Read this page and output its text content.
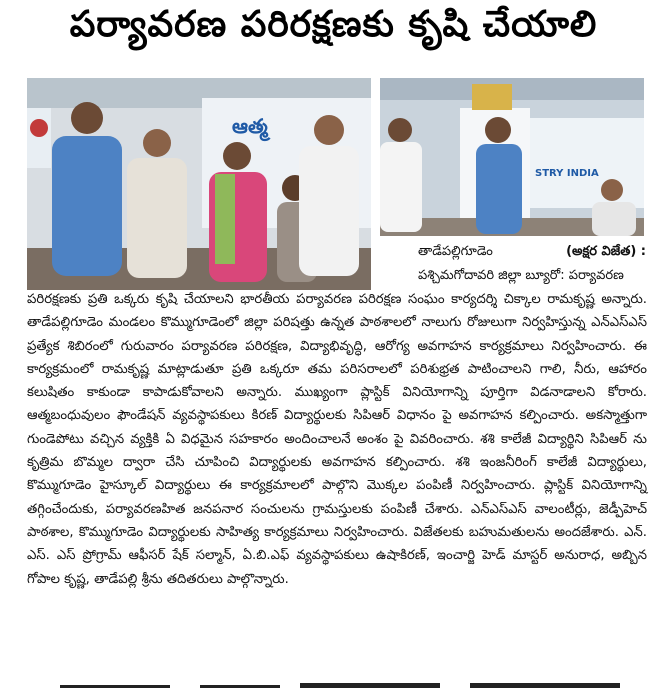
పర్యావరణ పరిరక్షణకు కృషి చేయాలి
ఆత్మ
STRY INDIA
తాడేపల్లిగూడెం	(అక్షర విజేత) :
పశ్చిమగోదావరి జిల్లా బ్యూరో: పర్యావరణ
పరిరక్షణకు ప్రతి ఒక్కరు కృషి చేయాలని భారతీయ పర్యావరణ పరిరక్షణ సంఘం కార్యదర్శి చిక్కాల రామకృష్ణ అన్నారు. తాడేపల్లిగూడెం మండలం కొమ్ముగూడెంలో జిల్లా పరిషత్తు ఉన్నత పాఠశాలలో నాలుగు రోజులుగా నిర్వహిస్తున్న ఎన్ఎస్ఎస్ ప్రత్యేక శిబిరంలో గురువారం పర్యావరణ పరిరక్షణ, విద్యాభివృద్ధి, ఆరోగ్య అవగాహన కార్యక్రమాలు నిర్వహించారు. ఈ కార్యక్రమంలో రామకృష్ణ మాట్లాడుతూ ప్రతి ఒక్కరూ తమ పరిసరాలలో పరిశుభ్రత పాటించాలని గాలి, నీరు, ఆహారం కలుషితం కాకుండా కాపాడుకోవాలని అన్నారు. ముఖ్యంగా ప్లాస్టిక్ వినియోగాన్ని పూర్తిగా విడనాడాలని కోరారు. ఆత్మబంధువులం ఫౌండేషన్ వ్యవస్థాపకులు కిరణ్ విద్యార్థులకు సిపిఆర్ విధానం పై అవగాహన కల్పించారు. అకస్మాత్తుగా గుండెపోటు వచ్చిన వ్యక్తికి ఏ విధమైన సహకారం అందించాలనే అంశం పై వివరించారు. శశి కాలేజీ విద్యార్థిని సిపిఆర్ ను కృత్రిమ బొమ్మల ద్వారా చేసి చూపించి విద్యార్థులకు అవగాహన కల్పించారు. శశి ఇంజనీరింగ్ కాలేజీ విద్యార్థులు, కొమ్ముగూడెం హైస్కూల్ విద్యార్థులు ఈ కార్యక్రమాలలో పాల్గొని మొక్కల పంపిణీ నిర్వహించారు. ప్లాస్టిక్ వినియోగాన్ని తగ్గించేందుకు, పర్యావరణహిత జనపనార సంచులను గ్రామస్తులకు పంపిణీ చేశారు. ఎన్ఎస్ఎస్ వాలంటీర్లు, జెడ్పీహెచ్ పాఠశాల, కొమ్ముగూడెం విద్యార్థులకు సాహిత్య కార్యక్రమాలు నిర్వహించారు. విజేతలకు బహుమతులను అందజేశారు. ఎన్. ఎస్. ఎస్ ప్రోగ్రామ్ ఆఫీసర్ షేక్ సల్మాన్, ఏ.బి.ఎఫ్ వ్యవస్థాపకులు ఉషాకిరణ్, ఇంచార్జి హెడ్ మాస్టర్ అనురాధ, అబ్బిన గోపాల కృష్ణ, తాడేపల్లి శ్రీను తదితరులు పాల్గొన్నారు.
